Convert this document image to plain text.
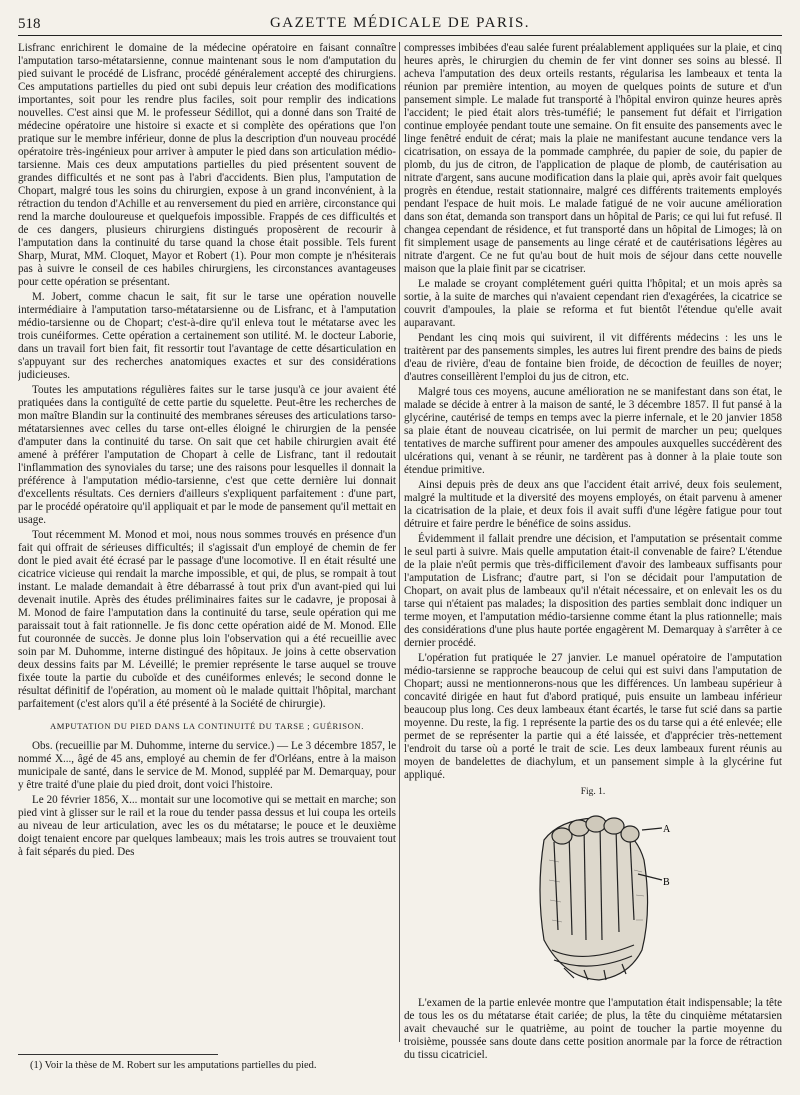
518	GAZETTE MÉDICALE DE PARIS.

Lisfranc enrichirent le domaine de la médecine opératoire en faisant connaître l'amputation tarso-métatarsienne, connue maintenant sous le nom d'amputation du pied suivant le procédé de Lisfranc, procédé généralement accepté des chirurgiens. Ces amputations partielles du pied ont subi depuis leur création des modifications importantes, soit pour les rendre plus faciles, soit pour remplir des indications nouvelles. C'est ainsi que M. le professeur Sédillot, qui a donné dans son Traité de médecine opératoire une histoire si exacte et si complète des opérations que l'on pratique sur le membre inférieur, donne de plus la description d'un nouveau procédé opératoire très-ingénieux pour arriver à amputer le pied dans son articulation médio-tarsienne. Mais ces deux amputations partielles du pied présentent souvent de grandes difficultés et ne sont pas à l'abri d'accidents. Bien plus, l'amputation de Chopart, malgré tous les soins du chirurgien, expose à un grand inconvénient, à la rétraction du tendon d'Achille et au renversement du pied en arrière, circonstance qui rend la marche douloureuse et quelquefois impossible. Frappés de ces difficultés et de ces dangers, plusieurs chirurgiens distingués proposèrent de recourir à l'amputation dans la continuité du tarse quand la chose était possible. Tels furent Sharp, Murat, MM. Cloquet, Mayor et Robert (1). Pour mon compte je n'hésiterais pas à suivre le conseil de ces habiles chirurgiens, les circonstances avantageuses pour cette opération se présentant.

M. Jobert, comme chacun le sait, fit sur le tarse une opération nouvelle intermédiaire à l'amputation tarso-métatarsienne ou de Lisfranc, et à l'amputation médio-tarsienne ou de Chopart; c'est-à-dire qu'il enleva tout le métatarse avec les trois cunéiformes. Cette opération a certainement son utilité. M. le docteur Laborie, dans un travail fort bien fait, fit ressortir tout l'avantage de cette désarticulation en s'appuyant sur des recherches anatomiques exactes et sur des considérations judicieuses.

Toutes les amputations régulières faites sur le tarse jusqu'à ce jour avaient été pratiquées dans la contiguïté de cette partie du squelette. Peut-être les recherches de mon maître Blandin sur la continuité des membranes séreuses des articulations tarso-métatarsiennes avec celles du tarse ont-elles éloigné le chirurgien de la pensée d'amputer dans la continuité du tarse. On sait que cet habile chirurgien avait été amené à préférer l'amputation de Chopart à celle de Lisfranc, tant il redoutait l'inflammation des synoviales du tarse; une des raisons pour lesquelles il donnait la préférence à l'amputation médio-tarsienne, c'est que cette dernière lui donnait d'excellents résultats. Ces derniers d'ailleurs s'expliquent parfaitement : d'une part, par le procédé opératoire qu'il appliquait et par le mode de pansement qu'il mettait en usage.

Tout récemment M. Monod et moi, nous nous sommes trouvés en présence d'un fait qui offrait de sérieuses difficultés; il s'agissait d'un employé de chemin de fer dont le pied avait été écrasé par le passage d'une locomotive. Il en était résulté une cicatrice vicieuse qui rendait la marche impossible, et qui, de plus, se rompait à tout instant. Le malade demandait à être débarrassé à tout prix d'un avant-pied qui lui devenait inutile. Après des études préliminaires faites sur le cadavre, je proposai à M. Monod de faire l'amputation dans la continuité du tarse, seule opération qui me paraissait tout à fait rationnelle. Je fis donc cette opération aidé de M. Monod. Elle fut couronnée de succès. Je donne plus loin l'observation qui a été recueillie avec soin par M. Duhomme, interne distingué des hôpitaux. Je joins à cette observation deux dessins faits par M. Léveillé; le premier représente le tarse auquel se trouve fixée toute la partie du cuboïde et des cunéiformes enlevés; le second donne le résultat définitif de l'opération, au moment où le malade quittait l'hôpital, marchant parfaitement (c'est alors qu'il a été présenté à la Société de chirurgie).

AMPUTATION DU PIED DANS LA CONTINUITÉ DU TARSE ; GUÉRISON.

Obs. (recueillie par M. Duhomme, interne du service.) — Le 3 décembre 1857, le nommé X..., âgé de 45 ans, employé au chemin de fer d'Orléans, entre à la maison municipale de santé, dans le service de M. Monod, suppléé par M. Demarquay, pour y être traité d'une plaie du pied droit, dont voici l'histoire.

Le 20 février 1856, X... montait sur une locomotive qui se mettait en marche; son pied vint à glisser sur le rail et la roue du tender passa dessus et lui coupa les orteils au niveau de leur articulation, avec les os du métatarse; le pouce et le deuxième doigt tenaient encore par quelques lambeaux; mais les trois autres se trouvaient tout à fait séparés du pied. Des

compresses imbibées d'eau salée furent préalablement appliquées sur la plaie, et cinq heures après, le chirurgien du chemin de fer vint donner ses soins au blessé. Il acheva l'amputation des deux orteils restants, régularisa les lambeaux et tenta la réunion par première intention, au moyen de quelques points de suture et d'un pansement simple. Le malade fut transporté à l'hôpital environ quinze heures après l'accident; le pied était alors très-tuméfié; le pansement fut défait et l'irrigation continue employée pendant toute une semaine. On fit ensuite des pansements avec le linge fenêtré enduit de cérat; mais la plaie ne manifestant aucune tendance vers la cicatrisation, on essaya de la pommade camphrée, du papier de soie, du papier de plomb, du jus de citron, de l'application de plaque de plomb, de cautérisation au nitrate d'argent, sans aucune modification dans la plaie qui, après avoir fait quelques progrès en étendue, restait stationnaire, malgré ces différents traitements employés pendant l'espace de huit mois. Le malade fatigué de ne voir aucune amélioration dans son état, demanda son transport dans un hôpital de Paris; ce qui lui fut refusé. Il changea cependant de résidence, et fut transporté dans un hôpital de Limoges; là on fit simplement usage de pansements au linge cératé et de cautérisations légères au nitrate d'argent. Ce ne fut qu'au bout de huit mois de séjour dans cette nouvelle maison que la plaie finit par se cicatriser.

Le malade se croyant complétement guéri quitta l'hôpital; et un mois après sa sortie, à la suite de marches qui n'avaient cependant rien d'exagérées, la cicatrice se couvrit d'ampoules, la plaie se reforma et fut bientôt l'étendue qu'elle avait auparavant.

Pendant les cinq mois qui suivirent, il vit différents médecins : les uns le traitèrent par des pansements simples, les autres lui firent prendre des bains de pieds d'eau de rivière, d'eau de fontaine bien froide, de décoction de feuilles de noyer; d'autres conseillèrent l'emploi du jus de citron, etc.

Malgré tous ces moyens, aucune amélioration ne se manifestant dans son état, le malade se décide à entrer à la maison de santé, le 3 décembre 1857. Il fut pansé à la glycérine, cautérisé de temps en temps avec la pierre infernale, et le 20 janvier 1858 sa plaie étant de nouveau cicatrisée, on lui permit de marcher un peu; quelques tentatives de marche suffirent pour amener des ampoules auxquelles succédèrent des ulcérations qui, venant à se réunir, ne tardèrent pas à donner à la plaie toute son étendue primitive.

Ainsi depuis près de deux ans que l'accident était arrivé, deux fois seulement, malgré la multitude et la diversité des moyens employés, on était parvenu à amener la cicatrisation de la plaie, et deux fois il avait suffi d'une légère fatigue pour tout détruire et faire perdre le bénéfice de soins assidus.

Évidemment il fallait prendre une décision, et l'amputation se présentait comme le seul parti à suivre. Mais quelle amputation était-il convenable de faire? L'étendue de la plaie n'eût permis que très-difficilement d'avoir des lambeaux suffisants pour l'amputation de Lisfranc; d'autre part, si l'on se décidait pour l'amputation de Chopart, on avait plus de lambeaux qu'il n'était nécessaire, et on enlevait les os du tarse qui n'étaient pas malades; la disposition des parties semblait donc indiquer un terme moyen, et l'amputation médio-tarsienne comme étant la plus rationnelle; mais des considérations d'une plus haute portée engagèrent M. Demarquay à s'arrêter à ce dernier procédé.

L'opération fut pratiquée le 27 janvier. Le manuel opératoire de l'amputation médio-tarsienne se rapproche beaucoup de celui qui est suivi dans l'amputation de Chopart; aussi ne mentionnerons-nous que les différences. Un lambeau supérieur à concavité dirigée en haut fut d'abord pratiqué, puis ensuite un lambeau inférieur beaucoup plus long. Ces deux lambeaux étant écartés, le tarse fut scié dans sa partie moyenne. Du reste, la fig. 1 représente la partie des os du tarse qui a été enlevée; elle permet de se représenter la partie qui a été laissée, et d'apprécier très-nettement l'endroit du tarse où a porté le trait de scie. Les deux lambeaux furent réunis au moyen de bandelettes de diachylum, et un pansement simple à la glycérine fut appliqué.

Fig. 1.
A
B

L'examen de la partie enlevée montre que l'amputation était indispensable; la tête de tous les os du métatarse était cariée; de plus, la tête du cinquième métatarsien avait chevauché sur le quatrième, au point de toucher la partie moyenne du troisième, poussée sans doute dans cette position anormale par la force de rétraction du tissu cicatriciel.

(1) Voir la thèse de M. Robert sur les amputations partielles du pied.
